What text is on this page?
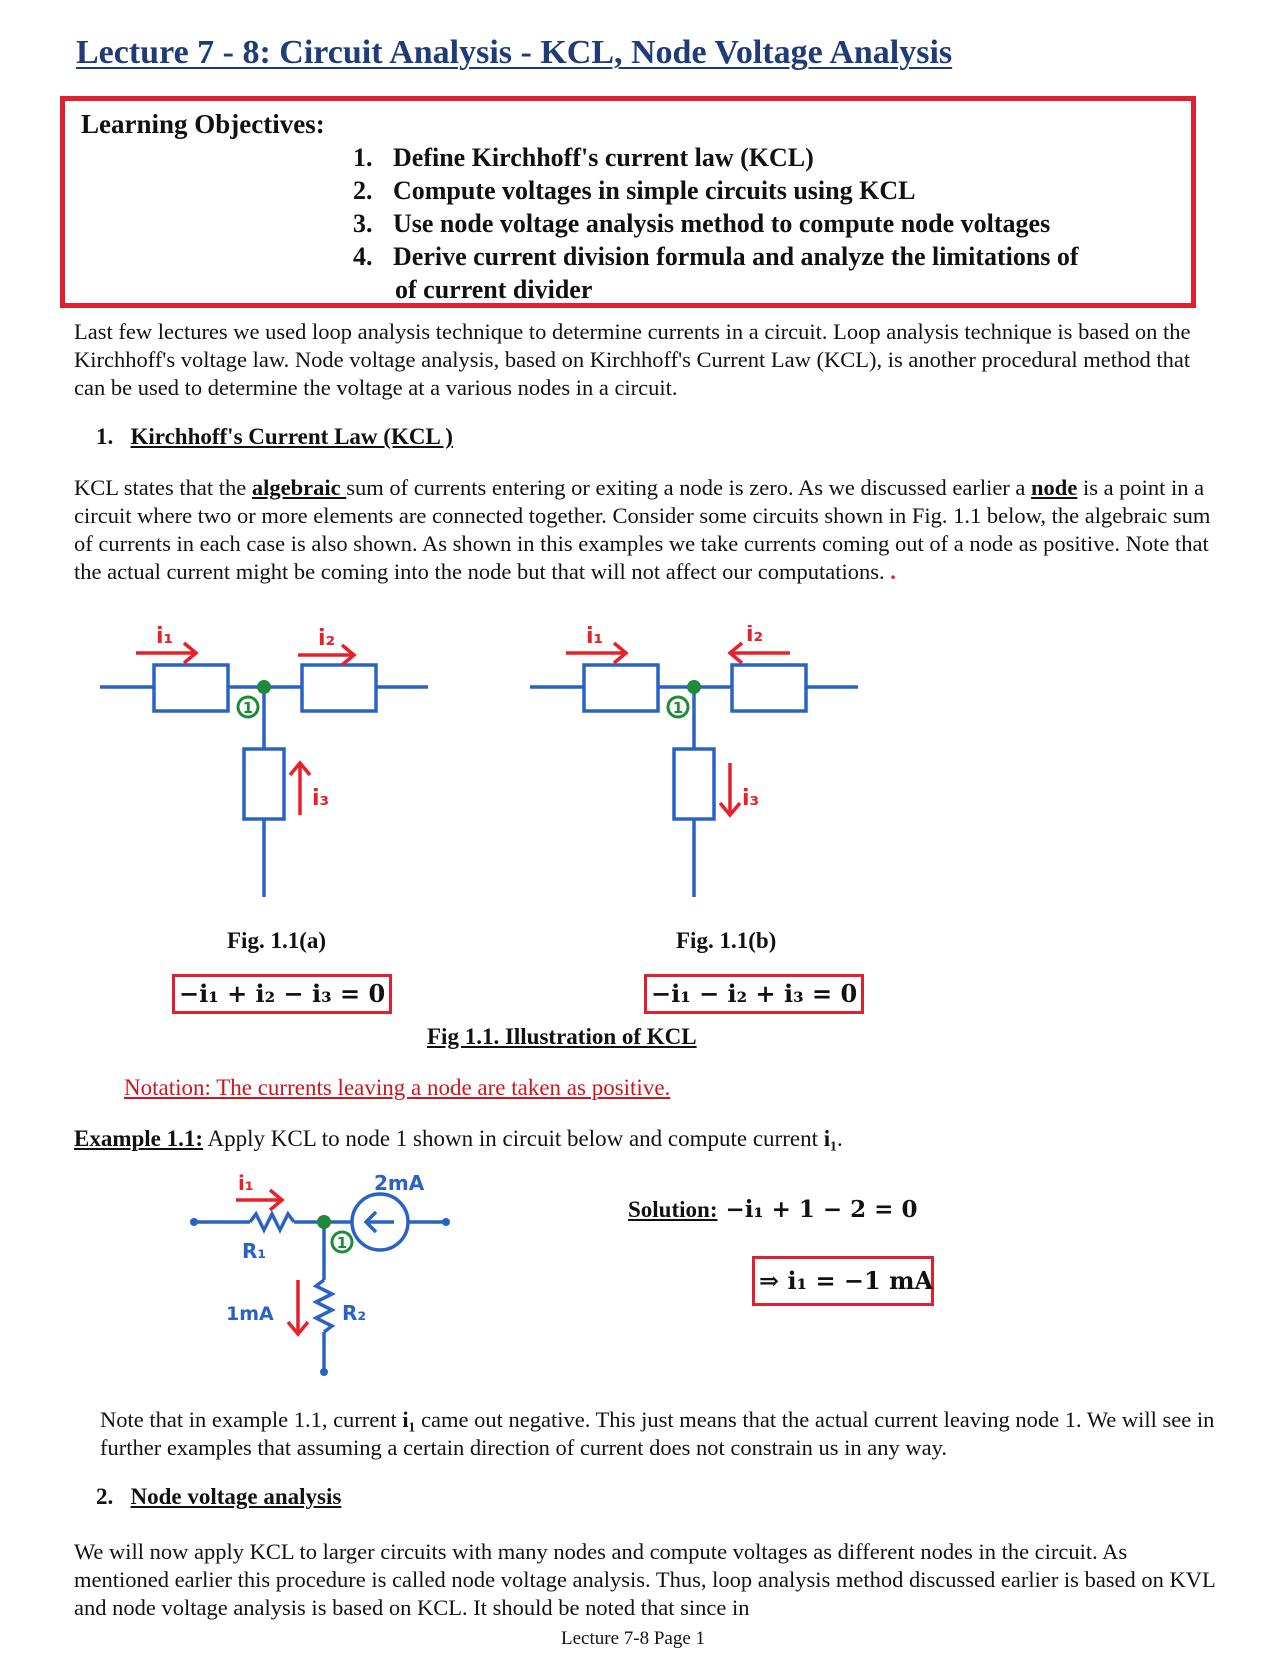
Lecture 7 - 8: Circuit Analysis - KCL, Node Voltage Analysis
Learning Objectives:
1. Define Kirchhoff's current law (KCL)
2. Compute voltages in simple circuits using KCL
3. Use node voltage analysis method to compute node voltages
4. Derive current division formula and analyze the limitations of
of current divider

Last few lectures we used loop analysis technique to determine currents in a circuit. Loop analysis technique is based on the Kirchhoff's voltage law. Node voltage analysis, based on Kirchhoff's Current Law (KCL), is another procedural method that can be used to determine the voltage at a various nodes in a circuit.

1. Kirchhoff's Current Law (KCL )

KCL states that the algebraic sum of currents entering or exiting a node is zero. As we discussed earlier a node is a point in a circuit where two or more elements are connected together. Consider some circuits shown in Fig. 1.1 below, the algebraic sum of currents in each case is also shown. As shown in this examples we take currents coming out of a node as positive. Note that the actual current might be coming into the node but that will not affect our computations. .

1
i₁	i₂
i₃
1
i₁	i₂
i₃
Fig. 1.1(a)	Fig. 1.1(b)
−i₁ + i₂ − i₃ = 0	−i₁ − i₂ + i₃ = 0
Fig 1.1. Illustration of KCL
Notation: The currents leaving a node are taken as positive.
Example 1.1: Apply KCL to node 1 shown in circuit below and compute current i₁.
1
i₁	2mA
R₁
R₂
1mA
Solution: −i₁ + 1 − 2 = 0
⇒ i₁ = −1 mA

Note that in example 1.1, current i₁ came out negative. This just means that the actual current leaving node 1. We will see in further examples that assuming a certain direction of current does not constrain us in any way.

2. Node voltage analysis

We will now apply KCL to larger circuits with many nodes and compute voltages as different nodes in the circuit. As mentioned earlier this procedure is called node voltage analysis. Thus, loop analysis method discussed earlier is based on KVL and node voltage analysis is based on KCL. It should be noted that since in

Lecture 7-8 Page 1
